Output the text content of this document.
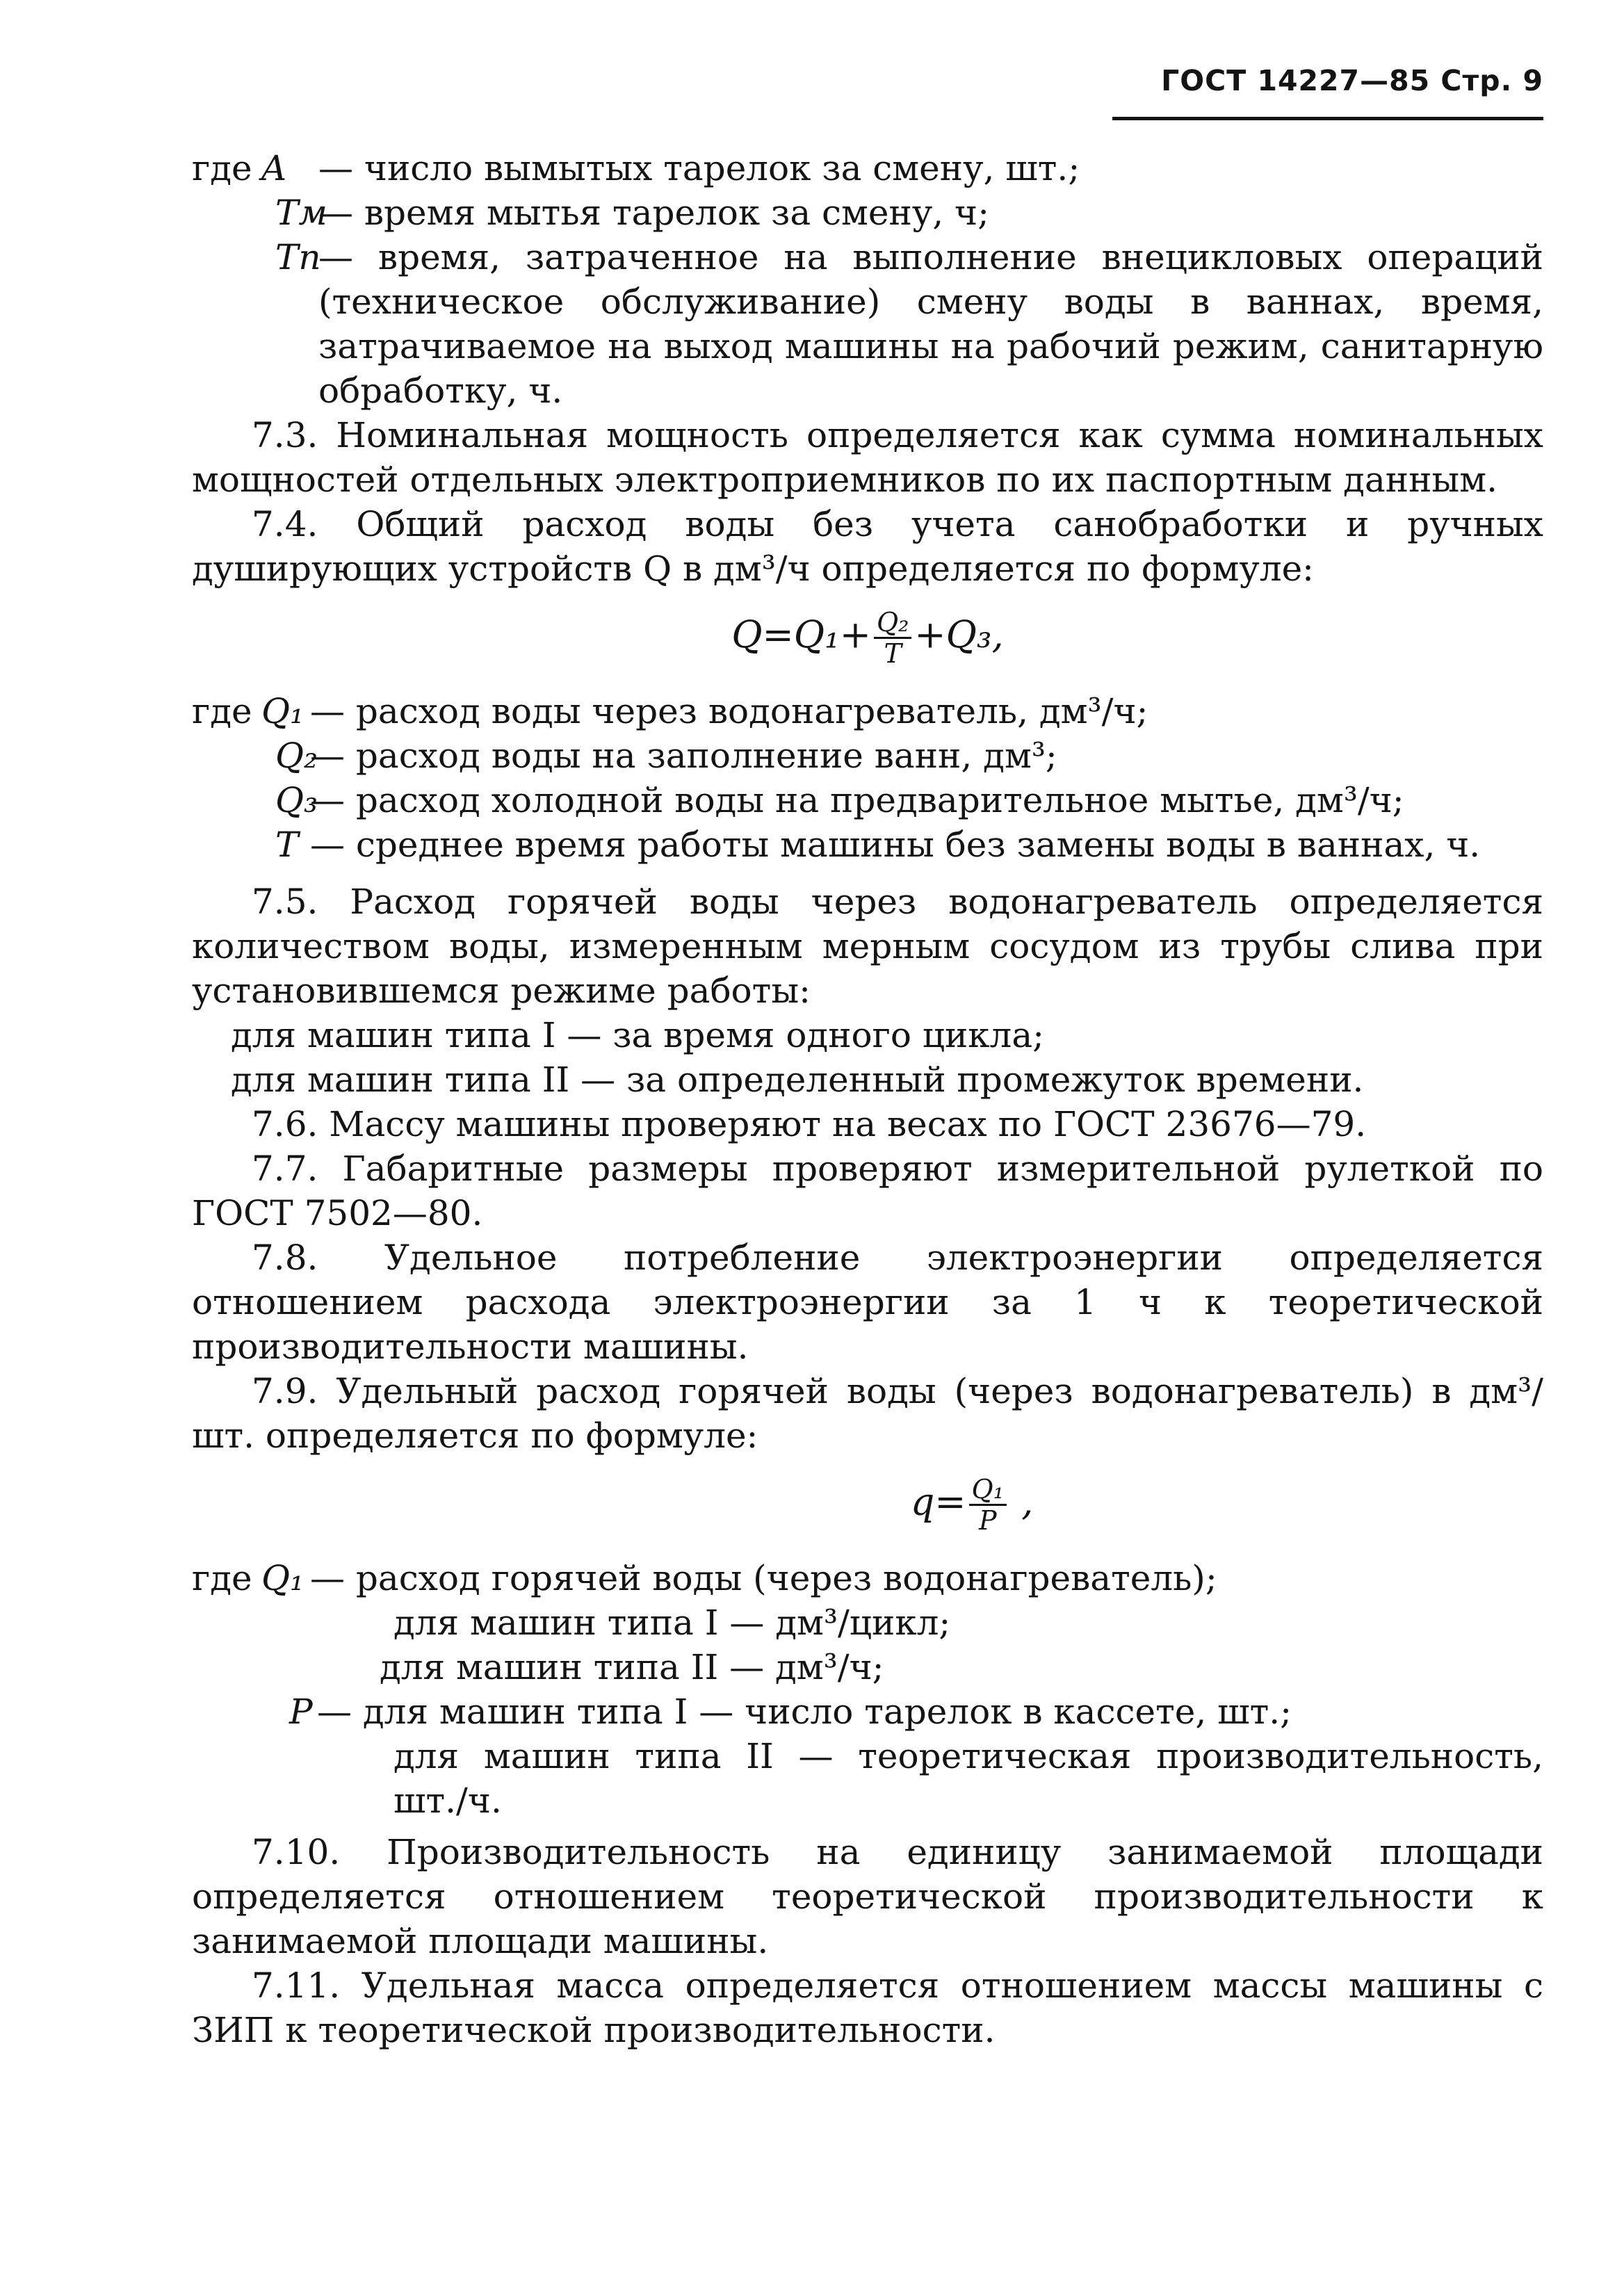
ГОСТ 14227—85 Стр. 9
где A — число вымытых тарелок за смену, шт.;
Tм
— время мытья тарелок за смену, ч;
Tп
— время, затраченное на выполнение внецикловых операций (техническое обслуживание) смену воды в ваннах, время, затрачиваемое на выход машины на рабочий режим, санитарную обработку, ч.

7.3. Номинальная мощность определяется как сумма номинальных мощностей отдельных электроприемников по их паспортным данным.

7.4. Общий расход воды без учета санобработки и ручных душирующих устройств Q в дм³/ч определяется по формуле:

$Q=Q_1+ \frac{\text{Q₂}}{T} +Q_3$,
где Q₁ — расход воды через водонагреватель, дм³/ч;
Q₂
— расход воды на заполнение ванн, дм³;
Q₃
— расход холодной воды на предварительное мытье, дм³/ч;
T — среднее время работы машины без замены воды в ваннах, ч.

7.5. Расход горячей воды через водонагреватель определяется количеством воды, измеренным мерным сосудом из трубы слива при установившемся режиме работы:

для машин типа I — за время одного цикла;

для машин типа II — за определенный промежуток времени.

7.6. Массу машины проверяют на весах по ГОСТ 23676—79.

7.7. Габаритные размеры проверяют измерительной рулеткой по ГОСТ 7502—80.

7.8. Удельное потребление электроэнергии определяется отношением расхода электроэнергии за 1 ч к теоретической производительности машины.

7.9. Удельный расход горячей воды (через водонагреватель) в дм³/шт. определяется по формуле:

$q= \frac{\text{Q₁}}{P}$ ,
где Q₁ — расход горячей воды (через водонагреватель);

для машин типа I — дм³/цикл;

для машин типа II — дм³/ч;

P — для машин типа I — число тарелок в кассете, шт.;

для машин типа II — теоретическая производительность, шт./ч.

7.10. Производительность на единицу занимаемой площади определяется отношением теоретической производительности к занимаемой площади машины.

7.11. Удельная масса определяется отношением массы машины с ЗИП к теоретической производительности.
